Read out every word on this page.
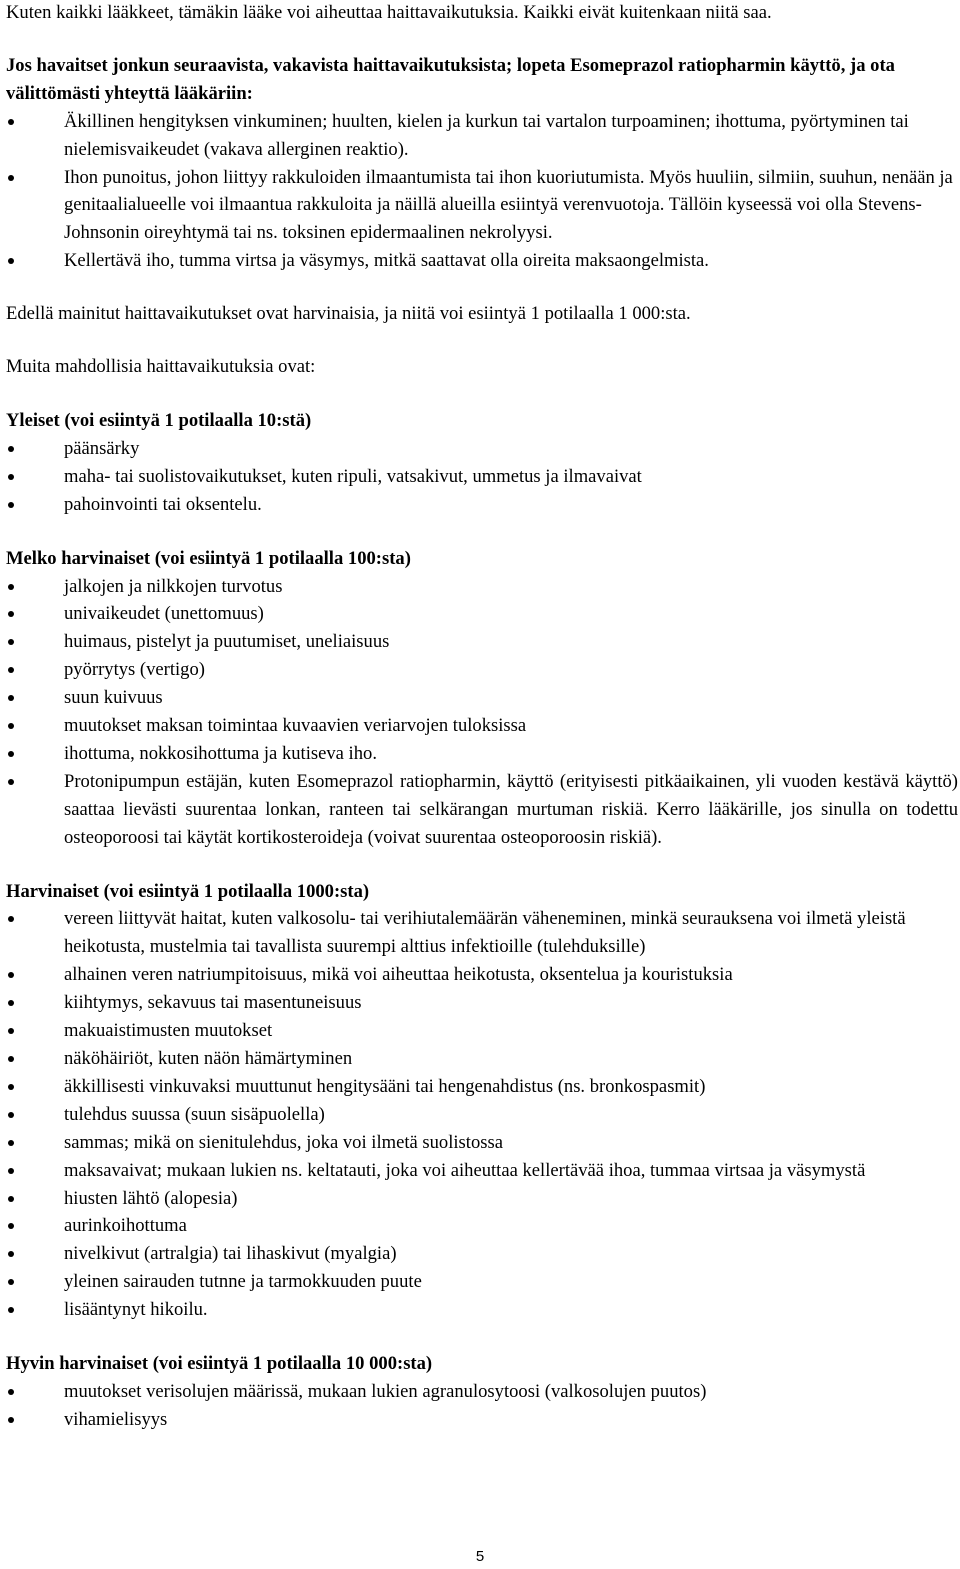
Kuten kaikki lääkkeet, tämäkin lääke voi aiheuttaa haittavaikutuksia. Kaikki eivät kuitenkaan niitä saa.

Jos havaitset jonkun seuraavista, vakavista haittavaikutuksista; lopeta Esomeprazol ratiopharmin käyttö, ja ota välittömästi yhteyttä lääkäriin:

Äkillinen hengityksen vinkuminen; huulten, kielen ja kurkun tai vartalon turpoaminen; ihottuma, pyörtyminen tai nielemisvaikeudet (vakava allerginen reaktio).
Ihon punoitus, johon liittyy rakkuloiden ilmaantumista tai ihon kuoriutumista. Myös huuliin, silmiin, suuhun, nenään ja genitaalialueelle voi ilmaantua rakkuloita ja näillä alueilla esiintyä verenvuotoja. Tällöin kyseessä voi olla Stevens-Johnsonin oireyhtymä tai ns. toksinen epidermaalinen nekrolyysi.
Kellertävä iho, tumma virtsa ja väsymys, mitkä saattavat olla oireita maksaongelmista.

Edellä mainitut haittavaikutukset ovat harvinaisia, ja niitä voi esiintyä 1 potilaalla 1 000:sta.

Muita mahdollisia haittavaikutuksia ovat:

Yleiset (voi esiintyä 1 potilaalla 10:stä)

päänsärky
maha- tai suolistovaikutukset, kuten ripuli, vatsakivut, ummetus ja ilmavaivat
pahoinvointi tai oksentelu.

Melko harvinaiset (voi esiintyä 1 potilaalla 100:sta)

jalkojen ja nilkkojen turvotus
univaikeudet (unettomuus)
huimaus, pistelyt ja puutumiset, uneliaisuus
pyörrytys (vertigo)
suun kuivuus
muutokset maksan toimintaa kuvaavien veriarvojen tuloksissa
ihottuma, nokkosihottuma ja kutiseva iho.
Protonipumpun estäjän, kuten Esomeprazol ratiopharmin, käyttö (erityisesti pitkäaikainen, yli vuoden kestävä käyttö) saattaa lievästi suurentaa lonkan, ranteen tai selkärangan murtuman riskiä. Kerro lääkärille, jos sinulla on todettu osteoporoosi tai käytät kortikosteroideja (voivat suurentaa osteoporoosin riskiä).

Harvinaiset (voi esiintyä 1 potilaalla 1000:sta)

vereen liittyvät haitat, kuten valkosolu- tai verihiutalemäärän väheneminen, minkä seurauksena voi ilmetä yleistä heikotusta, mustelmia tai tavallista suurempi alttius infektioille (tulehduksille)
alhainen veren natriumpitoisuus, mikä voi aiheuttaa heikotusta, oksentelua ja kouristuksia
kiihtymys, sekavuus tai masentuneisuus
makuaistimusten muutokset
näköhäiriöt, kuten näön hämärtyminen
äkkillisesti vinkuvaksi muuttunut hengitysääni tai hengenahdistus (ns. bronkospasmit)
tulehdus suussa (suun sisäpuolella)
sammas; mikä on sienitulehdus, joka voi ilmetä suolistossa
maksavaivat; mukaan lukien ns. keltatauti, joka voi aiheuttaa kellertävää ihoa, tummaa virtsaa ja väsymystä
hiusten lähtö (alopesia)
aurinkoihottuma
nivelkivut (artralgia) tai lihaskivut (myalgia)
yleinen sairauden tutnne ja tarmokkuuden puute
lisääntynyt hikoilu.

Hyvin harvinaiset (voi esiintyä 1 potilaalla 10 000:sta)

muutokset verisolujen määrissä, mukaan lukien agranulosytoosi (valkosolujen puutos)
vihamielisyys
5
